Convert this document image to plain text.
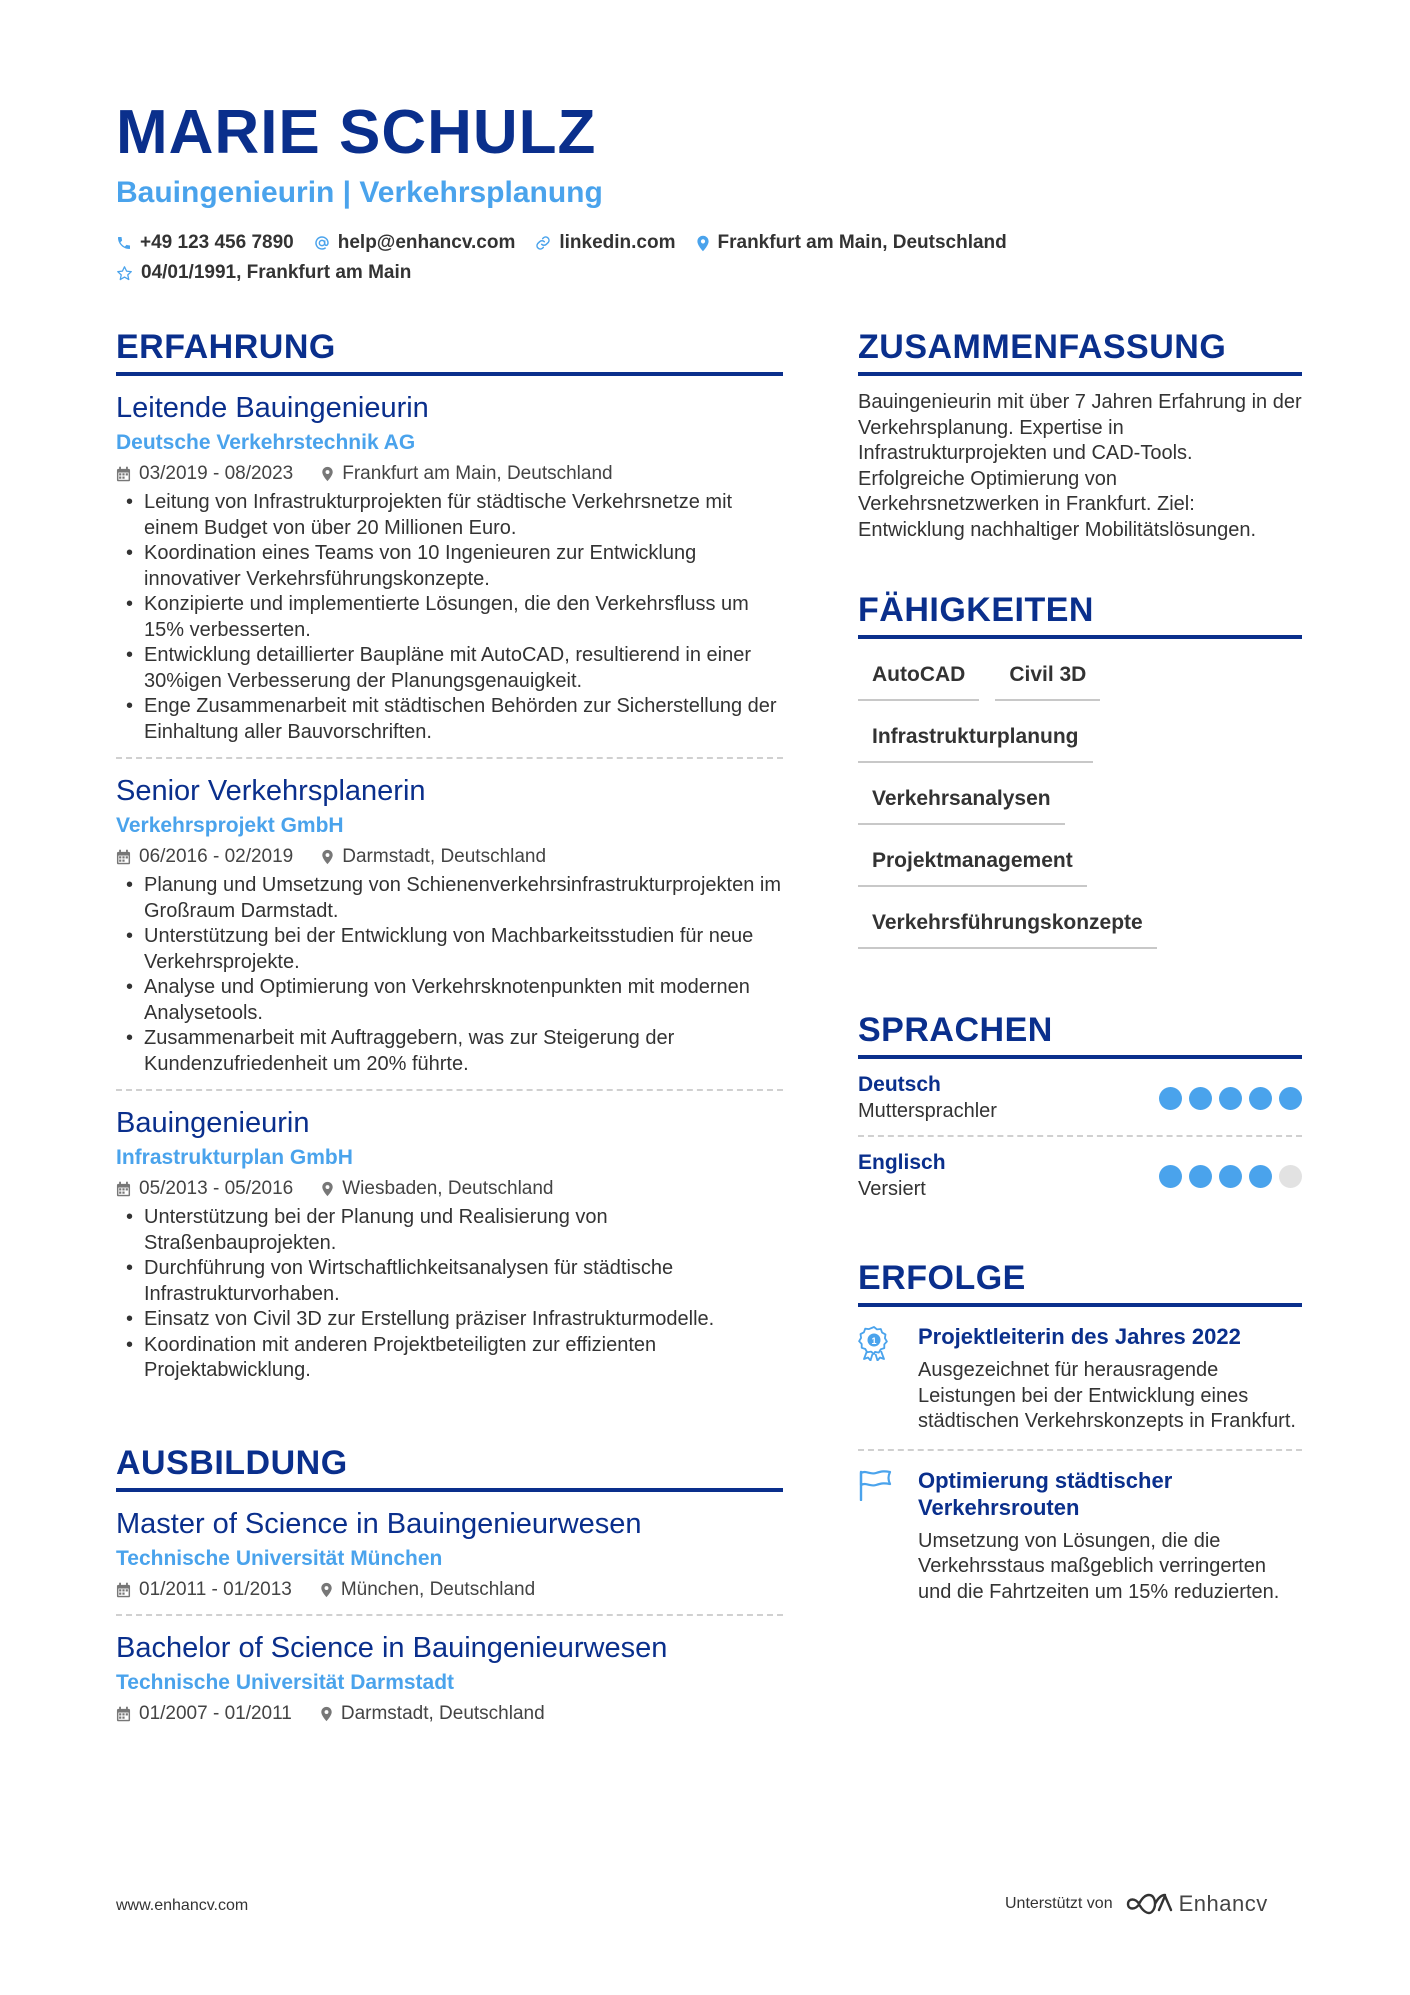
MARIE SCHULZ
Bauingenieurin | Verkehrsplanung
+49 123 456 7890 help@enhancv.com linkedin.com Frankfurt am Main, Deutschland
04/01/1991, Frankfurt am Main
ERFAHRUNG
Leitende Bauingenieurin
Deutsche Verkehrstechnik AG
03/2019 - 08/2023	Frankfurt am Main, Deutschland
• Leitung von Infrastrukturprojekten für städtische Verkehrsnetze mit einem Budget von über 20 Millionen Euro.
• Koordination eines Teams von 10 Ingenieuren zur Entwicklung innovativer Verkehrsführungskonzepte.
• Konzipierte und implementierte Lösungen, die den Verkehrsfluss um 15% verbesserten.
• Entwicklung detaillierter Baupläne mit AutoCAD, resultierend in einer 30%igen Verbesserung der Planungsgenauigkeit.
• Enge Zusammenarbeit mit städtischen Behörden zur Sicherstellung der Einhaltung aller Bauvorschriften.
Senior Verkehrsplanerin
Verkehrsprojekt GmbH
06/2016 - 02/2019	Darmstadt, Deutschland
• Planung und Umsetzung von Schienenverkehrsinfrastrukturprojekten im Großraum Darmstadt.
• Unterstützung bei der Entwicklung von Machbarkeitsstudien für neue Verkehrsprojekte.
• Analyse und Optimierung von Verkehrsknotenpunkten mit modernen Analysetools.
• Zusammenarbeit mit Auftraggebern, was zur Steigerung der Kundenzufriedenheit um 20% führte.
Bauingenieurin
Infrastrukturplan GmbH
05/2013 - 05/2016	Wiesbaden, Deutschland
• Unterstützung bei der Planung und Realisierung von Straßenbauprojekten.
• Durchführung von Wirtschaftlichkeitsanalysen für städtische Infrastrukturvorhaben.
• Einsatz von Civil 3D zur Erstellung präziser Infrastrukturmodelle.
• Koordination mit anderen Projektbeteiligten zur effizienten Projektabwicklung.
AUSBILDUNG
Master of Science in Bauingenieurwesen
Technische Universität München
01/2011 - 01/2013	München, Deutschland
Bachelor of Science in Bauingenieurwesen
Technische Universität Darmstadt
01/2007 - 01/2011	Darmstadt, Deutschland
ZUSAMMENFASSUNG
Bauingenieurin mit über 7 Jahren Erfahrung in der Verkehrsplanung. Expertise in Infrastrukturprojekten und CAD-Tools. Erfolgreiche Optimierung von Verkehrsnetzwerken in Frankfurt. Ziel: Entwicklung nachhaltiger Mobilitätslösungen.
FÄHIGKEITEN
AutoCAD	Civil 3D
Infrastrukturplanung
Verkehrsanalysen
Projektmanagement
Verkehrsführungskonzepte
SPRACHEN
Deutsch
Muttersprachler
Englisch
Versiert
ERFOLGE
1 Projektleiterin des Jahres 2022
Ausgezeichnet für herausragende Leistungen bei der Entwicklung eines städtischen Verkehrskonzepts in Frankfurt.
Optimierung städtischer Verkehrsrouten
Umsetzung von Lösungen, die die Verkehrsstaus maßgeblich verringerten und die Fahrtzeiten um 15% reduzierten.
www.enhancv.com	Unterstützt von	Enhancv
